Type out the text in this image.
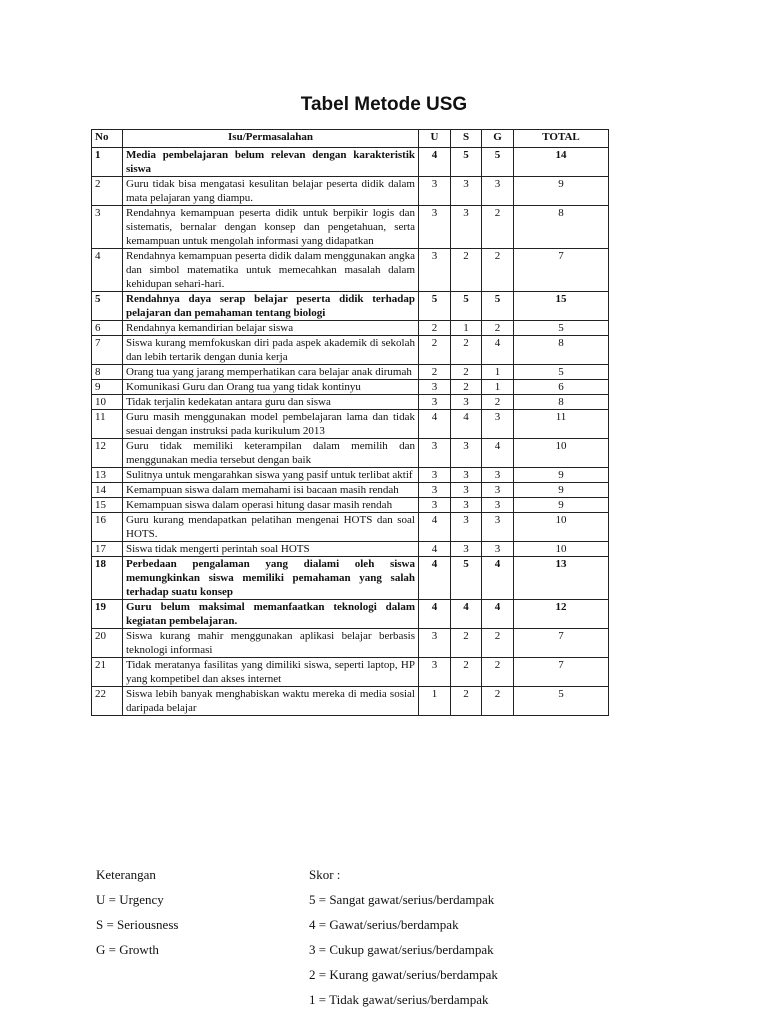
Tabel Metode USG
No	Isu/Permasalahan	U	S	G	TOTAL
1	Media pembelajaran belum relevan dengan karakteristik siswa	4	5	5	14
2	Guru tidak bisa mengatasi kesulitan belajar peserta didik dalam mata pelajaran yang diampu.	3	3	3	9
3	Rendahnya kemampuan peserta didik untuk berpikir logis dan sistematis, bernalar dengan konsep dan pengetahuan, serta kemampuan untuk mengolah informasi yang didapatkan	3	3	2	8
4	Rendahnya kemampuan peserta didik dalam menggunakan angka dan simbol matematika untuk memecahkan masalah dalam kehidupan sehari-hari.	3	2	2	7
5	Rendahnya daya serap belajar peserta didik terhadap pelajaran dan pemahaman tentang biologi	5	5	5	15
6	Rendahnya kemandirian belajar siswa	2	1	2	5
7	Siswa kurang memfokuskan diri pada aspek akademik di sekolah dan lebih tertarik dengan dunia kerja	2	2	4	8
8	Orang tua yang jarang memperhatikan cara belajar anak dirumah	2	2	1	5
9	Komunikasi Guru dan Orang tua yang tidak kontinyu	3	2	1	6
10	Tidak terjalin kedekatan antara guru dan siswa	3	3	2	8
11	Guru masih menggunakan model pembelajaran lama dan tidak sesuai dengan instruksi pada kurikulum 2013	4	4	3	11
12	Guru tidak memiliki keterampilan dalam memilih dan menggunakan media tersebut dengan baik	3	3	4	10
13	Sulitnya untuk mengarahkan siswa yang pasif untuk terlibat aktif	3	3	3	9
14	Kemampuan siswa dalam memahami isi bacaan masih rendah	3	3	3	9
15	Kemampuan siswa dalam operasi hitung dasar masih rendah	3	3	3	9
16	Guru kurang mendapatkan pelatihan mengenai HOTS dan soal HOTS.	4	3	3	10
17	Siswa tidak mengerti perintah soal HOTS	4	3	3	10
18	Perbedaan pengalaman yang dialami oleh siswa memungkinkan siswa memiliki pemahaman yang salah terhadap suatu konsep	4	5	4	13
19	Guru belum maksimal memanfaatkan teknologi dalam kegiatan pembelajaran.	4	4	4	12
20	Siswa kurang mahir menggunakan aplikasi belajar berbasis teknologi informasi	3	2	2	7
21	Tidak meratanya fasilitas yang dimiliki siswa, seperti laptop, HP yang kompetibel dan akses internet	3	2	2	7
22	Siswa lebih banyak menghabiskan waktu mereka di media sosial daripada belajar	1	2	2	5
Keterangan
U = Urgency
S = Seriousness
G = Growth
Skor :
5 = Sangat gawat/serius/berdampak
4 = Gawat/serius/berdampak
3 = Cukup gawat/serius/berdampak
2 = Kurang gawat/serius/berdampak
1 = Tidak gawat/serius/berdampak
